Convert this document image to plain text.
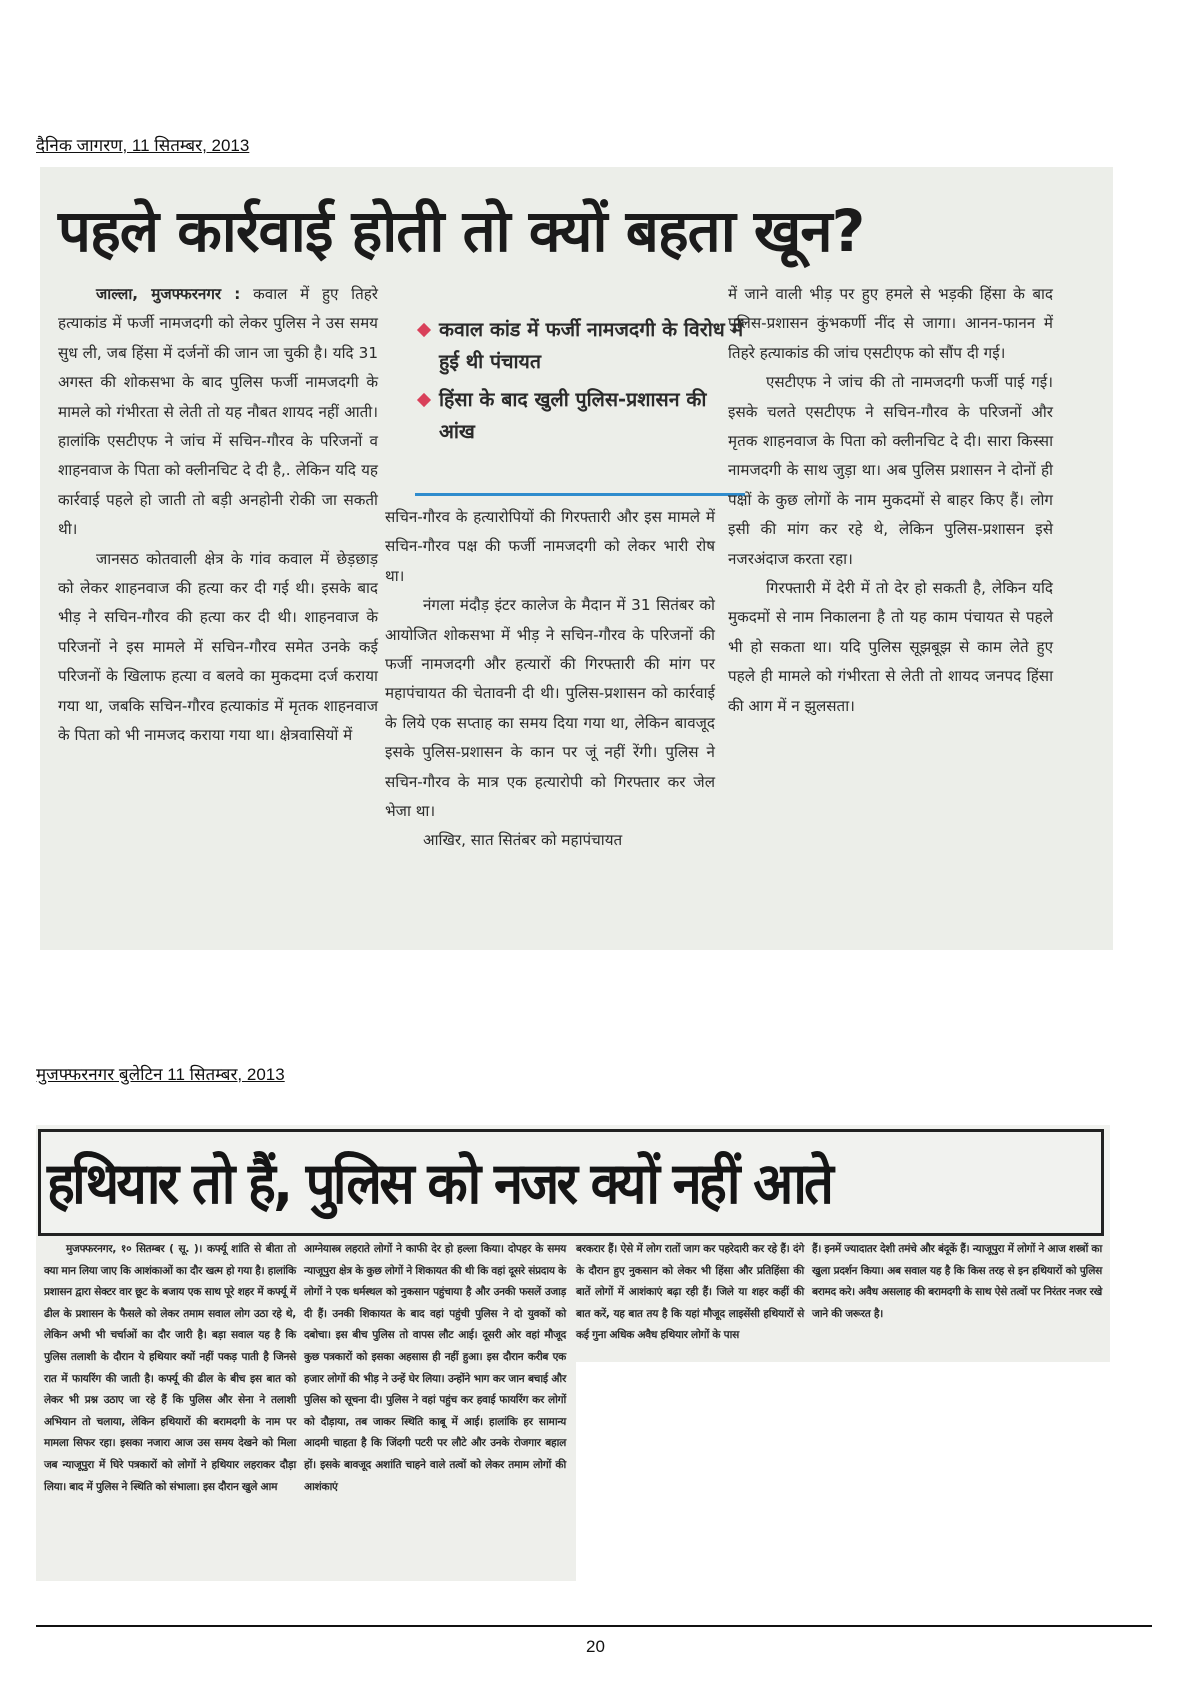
दैनिक जागरण, 11 सितम्बर, 2013
पहले कार्रवाई होती तो क्यों बहता खून?

जाल्ला, मुजफ्फरनगर : कवाल में हुए तिहरे हत्याकांड में फर्जी नामजदगी को लेकर पुलिस ने उस समय सुध ली, जब हिंसा में दर्जनों की जान जा चुकी है। यदि 31 अगस्त की शोकसभा के बाद पुलिस फर्जी नामजदगी के मामले को गंभीरता से लेती तो यह नौबत शायद नहीं आती। हालांकि एसटीएफ ने जांच में सचिन-गौरव के परिजनों व शाहनवाज के पिता को क्लीनचिट दे दी है,. लेकिन यदि यह कार्रवाई पहले हो जाती तो बड़ी अनहोनी रोकी जा सकती थी।

जानसठ कोतवाली क्षेत्र के गांव कवाल में छेड़छाड़ को लेकर शाहनवाज की हत्या कर दी गई थी। इसके बाद भीड़ ने सचिन-गौरव की हत्या कर दी थी। शाहनवाज के परिजनों ने इस मामले में सचिन-गौरव समेत उनके कई परिजनों के खिलाफ हत्या व बलवे का मुकदमा दर्ज कराया गया था, जबकि सचिन-गौरव हत्याकांड में मृतक शाहनवाज के पिता को भी नामजद कराया गया था। क्षेत्रवासियों में

कवाल कांड में फर्जी नामजदगी के विरोध में हुई थी पंचायत
हिंसा के बाद खुली पुलिस-प्रशासन की आंख

सचिन-गौरव के हत्यारोपियों की गिरफ्तारी और इस मामले में सचिन-गौरव पक्ष की फर्जी नामजदगी को लेकर भारी रोष था।

नंगला मंदौड़ इंटर कालेज के मैदान में 31 सितंबर को आयोजित शोकसभा में भीड़ ने सचिन-गौरव के परिजनों की फर्जी नामजदगी और हत्यारों की गिरफ्तारी की मांग पर महापंचायत की चेतावनी दी थी। पुलिस-प्रशासन को कार्रवाई के लिये एक सप्ताह का समय दिया गया था, लेकिन बावजूद इसके पुलिस-प्रशासन के कान पर जूं नहीं रेंगी। पुलिस ने सचिन-गौरव के मात्र एक हत्यारोपी को गिरफ्तार कर जेल भेजा था।

आखिर, सात सितंबर को महापंचायत

में जाने वाली भीड़ पर हुए हमले से भड़की हिंसा के बाद पुलिस-प्रशासन कुंभकर्णी नींद से जागा। आनन-फानन में तिहरे हत्याकांड की जांच एसटीएफ को सौंप दी गई।

एसटीएफ ने जांच की तो नामजदगी फर्जी पाई गई। इसके चलते एसटीएफ ने सचिन-गौरव के परिजनों और मृतक शाहनवाज के पिता को क्लीनचिट दे दी। सारा किस्सा नामजदगी के साथ जुड़ा था। अब पुलिस प्रशासन ने दोनों ही पक्षों के कुछ लोगों के नाम मुकदमों से बाहर किए हैं। लोग इसी की मांग कर रहे थे, लेकिन पुलिस-प्रशासन इसे नजरअंदाज करता रहा।

गिरफ्तारी में देरी में तो देर हो सकती है, लेकिन यदि मुकदमों से नाम निकालना है तो यह काम पंचायत से पहले भी हो सकता था। यदि पुलिस सूझबूझ से काम लेते हुए पहले ही मामले को गंभीरता से लेती तो शायद जनपद हिंसा की आग में न झुलसता।

मुजफ्फरनगर बुलेटिन 11 सितम्बर, 2013
हथियार तो हैं, पुलिस को नजर क्यों नहीं आते

मुजफ्फरनगर, १० सितम्बर ( सू. )। कर्फ्यू शांति से बीता तो क्या मान लिया जाए कि आशंकाओं का दौर खत्म हो गया है। हालांकि प्रशासन द्वारा सेक्टर वार छूट के बजाय एक साथ पूरे शहर में कर्फ्यू में ढील के प्रशासन के फैसले को लेकर तमाम सवाल लोग उठा रहे थे, लेकिन अभी भी चर्चाओं का दौर जारी है। बड़ा सवाल यह है कि पुलिस तलाशी के दौरान ये हथियार क्यों नहीं पकड़ पाती है जिनसे रात में फायरिंग की जाती है। कर्फ्यू की ढील के बीच इस बात को लेकर भी प्रश्न उठाए जा रहे हैं कि पुलिस और सेना ने तलाशी अभियान तो चलाया, लेकिन हथियारों की बरामदगी के नाम पर मामला सिफर रहा। इसका नजारा आज उस समय देखने को मिला जब न्याजूपुरा में घिरे पत्रकारों को लोगों ने हथियार लहराकर दौड़ा लिया। बाद में पुलिस ने स्थिति को संभाला। इस दौरान खुले आम

आग्नेयास्त्र लहराते लोगों ने काफी देर हो हल्ला किया। दोपहर के समय न्याजूपुरा क्षेत्र के कुछ लोगों ने शिकायत की थी कि वहां दूसरे संप्रदाय के लोगों ने एक धर्मस्थल को नुकसान पहुंचाया है और उनकी फसलें उजाड़ दी हैं। उनकी शिकायत के बाद वहां पहुंची पुलिस ने दो युवकों को दबोचा। इस बीच पुलिस तो वापस लौट आई। दूसरी ओर वहां मौजूद कुछ पत्रकारों को इसका अहसास ही नहीं हुआ। इस दौरान करीब एक हजार लोगों की भीड़ ने उन्हें घेर लिया। उन्होंने भाग कर जान बचाई और पुलिस को सूचना दी। पुलिस ने वहां पहुंच कर हवाई फायरिंग कर लोगों को दौड़ाया, तब जाकर स्थिति काबू में आई। हालांकि हर सामान्य आदमी चाहता है कि जिंदगी पटरी पर लौटे और उनके रोजगार बहाल हों। इसके बावजूद अशांति चाहने वाले तत्वों को लेकर तमाम लोगों की आशंकाएं

बरकरार हैं। ऐसे में लोग रातों जाग कर पहरेदारी कर रहे हैं। दंगे के दौरान हुए नुकसान को लेकर भी हिंसा और प्रतिहिंसा की बातें लोगों में आशंकाएं बढ़ा रही हैं। जिले या शहर कहीं की बात करें, यह बात तय है कि यहां मौजूद लाइसेंसी हथियारों से कई गुना अधिक अवैध हथियार लोगों के पास

हैं। इनमें ज्यादातर देशी तमंचे और बंदूकें हैं। न्याजूपुरा में लोगों ने आज शस्त्रों का खुला प्रदर्शन किया। अब सवाल यह है कि किस तरह से इन हथियारों को पुलिस बरामद करे। अवैध असलाह की बरामदगी के साथ ऐसे तत्वों पर निरंतर नजर रखे जाने की जरूरत है।

20
